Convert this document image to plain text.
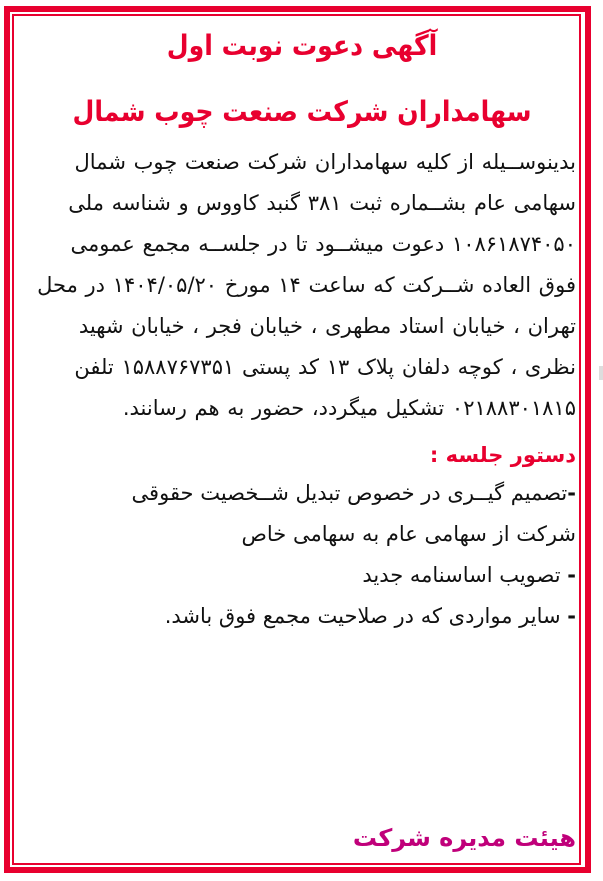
آگهی دعوت نوبت اول
سهامداران شرکت صنعت چوب شمال
بدینوســیله از کلیه سهامداران شرکت صنعت چوب شمال
سهامی عام بشــماره ثبت ۳۸۱ گنبد کاووس و شناسه ملی
۱۰۸۶۱۸۷۴۰۵۰ دعوت میشــود تا در جلســه مجمع عمومی
فوق العاده شــرکت که ساعت ۱۴ مورخ ۱۴۰۴/۰۵/۲۰ در محل
تهران ، خیابان استاد مطهری ، خیابان فجر ، خیابان شهید
نظری ، کوچه دلفان پلاک ۱۳ کد پستی ۱۵۸۸۷۶۷۳۵۱ تلفن
۰۲۱۸۸۳۰۱۸۱۵ تشکیل میگردد، حضور به هم رسانند.
دستور جلسه :
-تصمیم گیــری در خصوص تبدیل شــخصیت حقوقی
شرکت از سهامی عام به سهامی خاص
- تصویب اساسنامه جدید
- سایر مواردی که در صلاحیت مجمع فوق باشد.
هیئت مدیره شرکت
